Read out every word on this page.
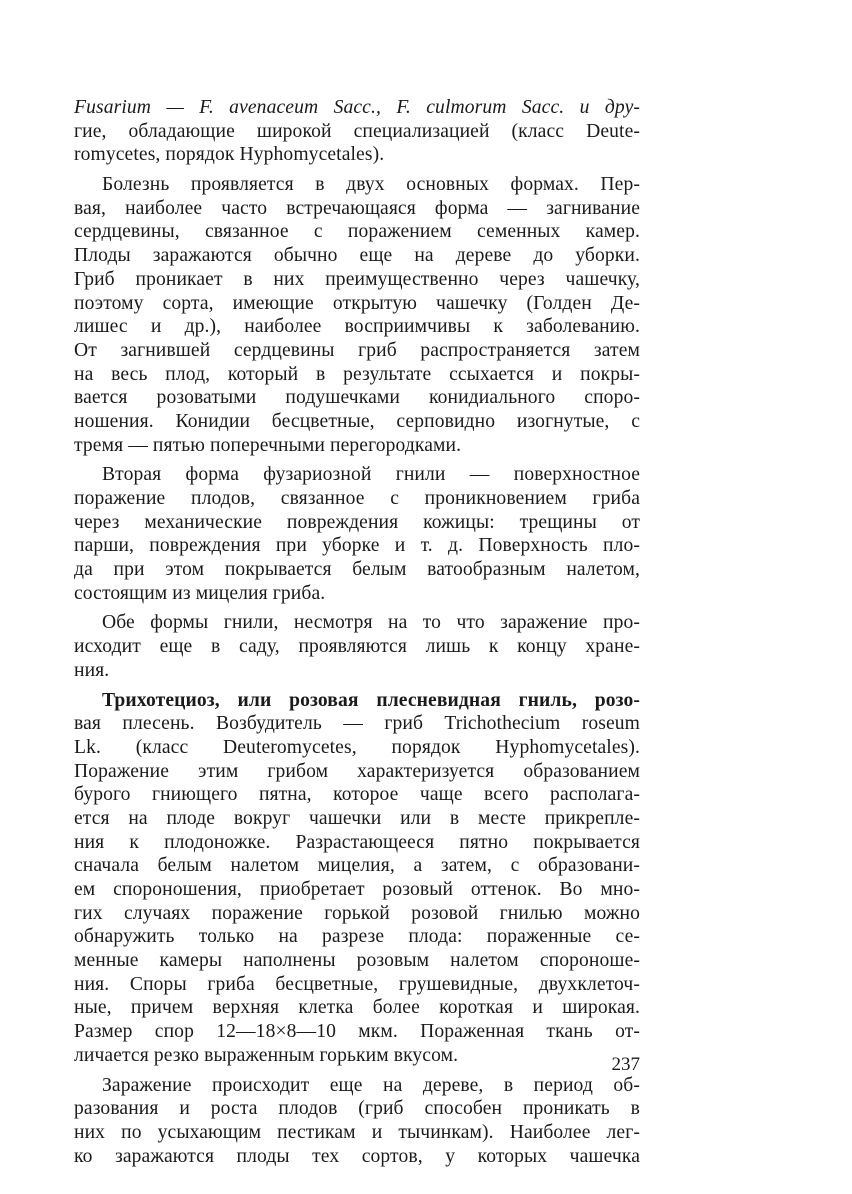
Fusarium — F. avenaceum Sacc., F. culmorum Sacc. и дру-
гие, обладающие широкой специализацией (класс Deute-
romycetes, порядок Hyphomycetales).
Болезнь проявляется в двух основных формах. Пер-
вая, наиболее часто встречающаяся форма — загнивание
сердцевины, связанное с поражением семенных камер.
Плоды заражаются обычно еще на дереве до уборки.
Гриб проникает в них преимущественно через чашечку,
поэтому сорта, имеющие открытую чашечку (Голден Де-
лишес и др.), наиболее восприимчивы к заболеванию.
От загнившей сердцевины гриб распространяется затем
на весь плод, который в результате ссыхается и покры-
вается розоватыми подушечками конидиального споро-
ношения. Конидии бесцветные, серповидно изогнутые, с
тремя — пятью поперечными перегородками.
Вторая форма фузариозной гнили — поверхностное
поражение плодов, связанное с проникновением гриба
через механические повреждения кожицы: трещины от
парши, повреждения при уборке и т. д. Поверхность пло-
да при этом покрывается белым ватообразным налетом,
состоящим из мицелия гриба.
Обе формы гнили, несмотря на то что заражение про-
исходит еще в саду, проявляются лишь к концу хране-
ния.
Трихотециоз, или розовая плесневидная гниль, розо-
вая плесень. Возбудитель — гриб Trichothecium roseum
Lk. (класс Deuteromycetes, порядок Hyphomycetales).
Поражение этим грибом характеризуется образованием
бурого гниющего пятна, которое чаще всего располага-
ется на плоде вокруг чашечки или в месте прикрепле-
ния к плодоножке. Разрастающееся пятно покрывается
сначала белым налетом мицелия, а затем, с образовани-
ем спороношения, приобретает розовый оттенок. Во мно-
гих случаях поражение горькой розовой гнилью можно
обнаружить только на разрезе плода: пораженные се-
менные камеры наполнены розовым налетом спороноше-
ния. Споры гриба бесцветные, грушевидные, двухклеточ-
ные, причем верхняя клетка более короткая и широкая.
Размер спор 12—18×8—10 мкм. Пораженная ткань от-
личается резко выраженным горьким вкусом.
Заражение происходит еще на дереве, в период об-
разования и роста плодов (гриб способен проникать в
них по усыхающим пестикам и тычинкам). Наиболее лег-
ко заражаются плоды тех сортов, у которых чашечка
237
